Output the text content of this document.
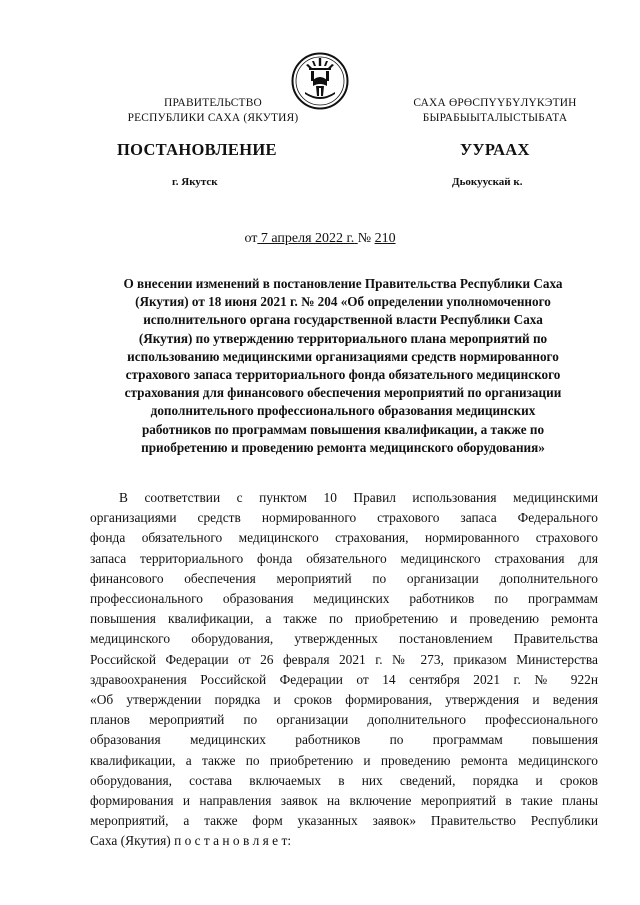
ПРАВИТЕЛЬСТВО
РЕСПУБЛИКИ САХА (ЯКУТИЯ)
САХА ӨРӨСПҮҮБҮЛҮКЭТИН
БЫРАБЫЫТАЛЫСТЫБАТА
ПОСТАНОВЛЕНИЕ	УУРААХ
г. Якутск	Дьокуускай к.
от 7 апреля 2022 г. № 210
О внесении изменений в постановление Правительства Республики Саха
(Якутия) от 18 июня 2021 г. № 204 «Об определении уполномоченного
исполнительного органа государственной власти Республики Саха
(Якутия) по утверждению территориального плана мероприятий по
использованию медицинскими организациями средств нормированного
страхового запаса территориального фонда обязательного медицинского
страхования для финансового обеспечения мероприятий по организации
дополнительного профессионального образования медицинских
работников по программам повышения квалификации, а также по
приобретению и проведению ремонта медицинского оборудования»
В соответствии с пунктом 10 Правил использования медицинскими
организациями средств нормированного страхового запаса Федерального
фонда обязательного медицинского страхования, нормированного страхового
запаса территориального фонда обязательного медицинского страхования для
финансового обеспечения мероприятий по организации дополнительного
профессионального образования медицинских работников по программам
повышения квалификации, а также по приобретению и проведению ремонта
медицинского оборудования, утвержденных постановлением Правительства
Российской Федерации от 26 февраля 2021 г. № 273, приказом Министерства
здравоохранения Российской Федерации от 14 сентября 2021 г. № 922н
«Об утверждении порядка и сроков формирования, утверждения и ведения
планов мероприятий по организации дополнительного профессионального
образования медицинских работников по программам повышения
квалификации, а также по приобретению и проведению ремонта медицинского
оборудования, состава включаемых в них сведений, порядка и сроков
формирования и направления заявок на включение мероприятий в такие планы
мероприятий, а также форм указанных заявок» Правительство Республики
Саха (Якутия) п о с т а н о в л я е т:
